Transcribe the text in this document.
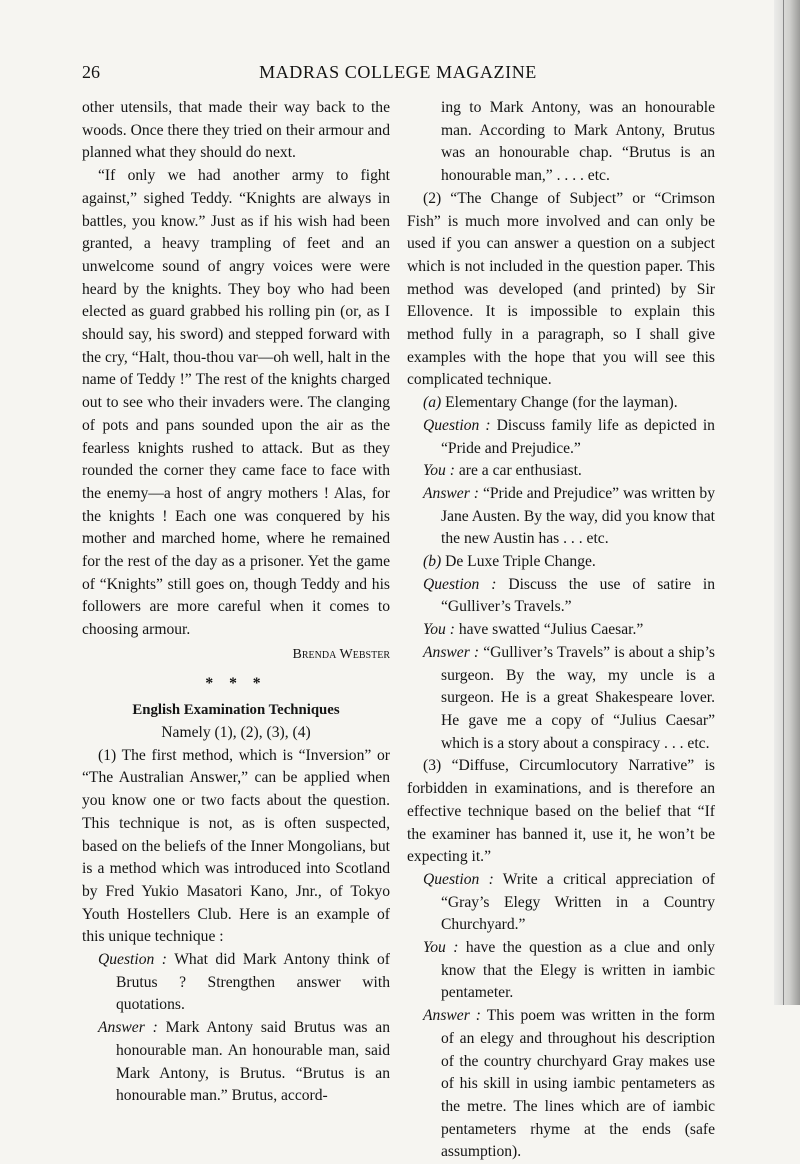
26	MADRAS COLLEGE MAGAZINE

other utensils, that made their way back to the woods. Once there they tried on their armour and planned what they should do next.

“If only we had another army to fight against,” sighed Teddy. “Knights are always in battles, you know.” Just as if his wish had been granted, a heavy trampling of feet and an unwelcome sound of angry voices were were heard by the knights. They boy who had been elected as guard grabbed his rolling pin (or, as I should say, his sword) and stepped forward with the cry, “Halt, thou-thou var—oh well, halt in the name of Teddy !” The rest of the knights charged out to see who their invaders were. The clanging of pots and pans sounded upon the air as the fearless knights rushed to attack. But as they rounded the corner they came face to face with the enemy—a host of angry mothers ! Alas, for the knights ! Each one was conquered by his mother and marched home, where he remained for the rest of the day as a prisoner. Yet the game of “Knights” still goes on, though Teddy and his followers are more careful when it comes to choosing armour.

Brenda Webster

* * *

English Examination Techniques

Namely (1), (2), (3), (4)

(1) The first method, which is “Inversion” or “The Australian Answer,” can be applied when you know one or two facts about the question. This technique is not, as is often suspected, based on the beliefs of the Inner Mongolians, but is a method which was introduced into Scotland by Fred Yukio Masatori Kano, Jnr., of Tokyo Youth Hostellers Club. Here is an example of this unique technique :

Question : What did Mark Antony think of Brutus ? Strengthen answer with quotations.

Answer : Mark Antony said Brutus was an honourable man. An honourable man, said Mark Antony, is Brutus. “Brutus is an honourable man.” Brutus, accord-

ing to Mark Antony, was an honourable man. According to Mark Antony, Brutus was an honourable chap. “Brutus is an honourable man,” . . . . etc.

(2) “The Change of Subject” or “Crimson Fish” is much more involved and can only be used if you can answer a question on a subject which is not included in the question paper. This method was developed (and printed) by Sir Ellovence. It is impossible to explain this method fully in a paragraph, so I shall give examples with the hope that you will see this complicated technique.

(a) Elementary Change (for the layman).

Question : Discuss family life as depicted in “Pride and Prejudice.”

You : are a car enthusiast.

Answer : “Pride and Prejudice” was written by Jane Austen. By the way, did you know that the new Austin has . . . etc.

(b) De Luxe Triple Change.

Question : Discuss the use of satire in “Gulliver’s Travels.”

You : have swatted “Julius Caesar.”

Answer : “Gulliver’s Travels” is about a ship’s surgeon. By the way, my uncle is a surgeon. He is a great Shakespeare lover. He gave me a copy of “Julius Caesar” which is a story about a conspiracy . . . etc.

(3) “Diffuse, Circumlocutory Narrative” is forbidden in examinations, and is therefore an effective technique based on the belief that “If the examiner has banned it, use it, he won’t be expecting it.”

Question : Write a critical appreciation of “Gray’s Elegy Written in a Country Churchyard.”

You : have the question as a clue and only know that the Elegy is written in iambic pentameter.

Answer : This poem was written in the form of an elegy and throughout his description of the country churchyard Gray makes use of his skill in using iambic pentameters as the metre. The lines which are of iambic pentameters rhyme at the ends (safe assumption).
